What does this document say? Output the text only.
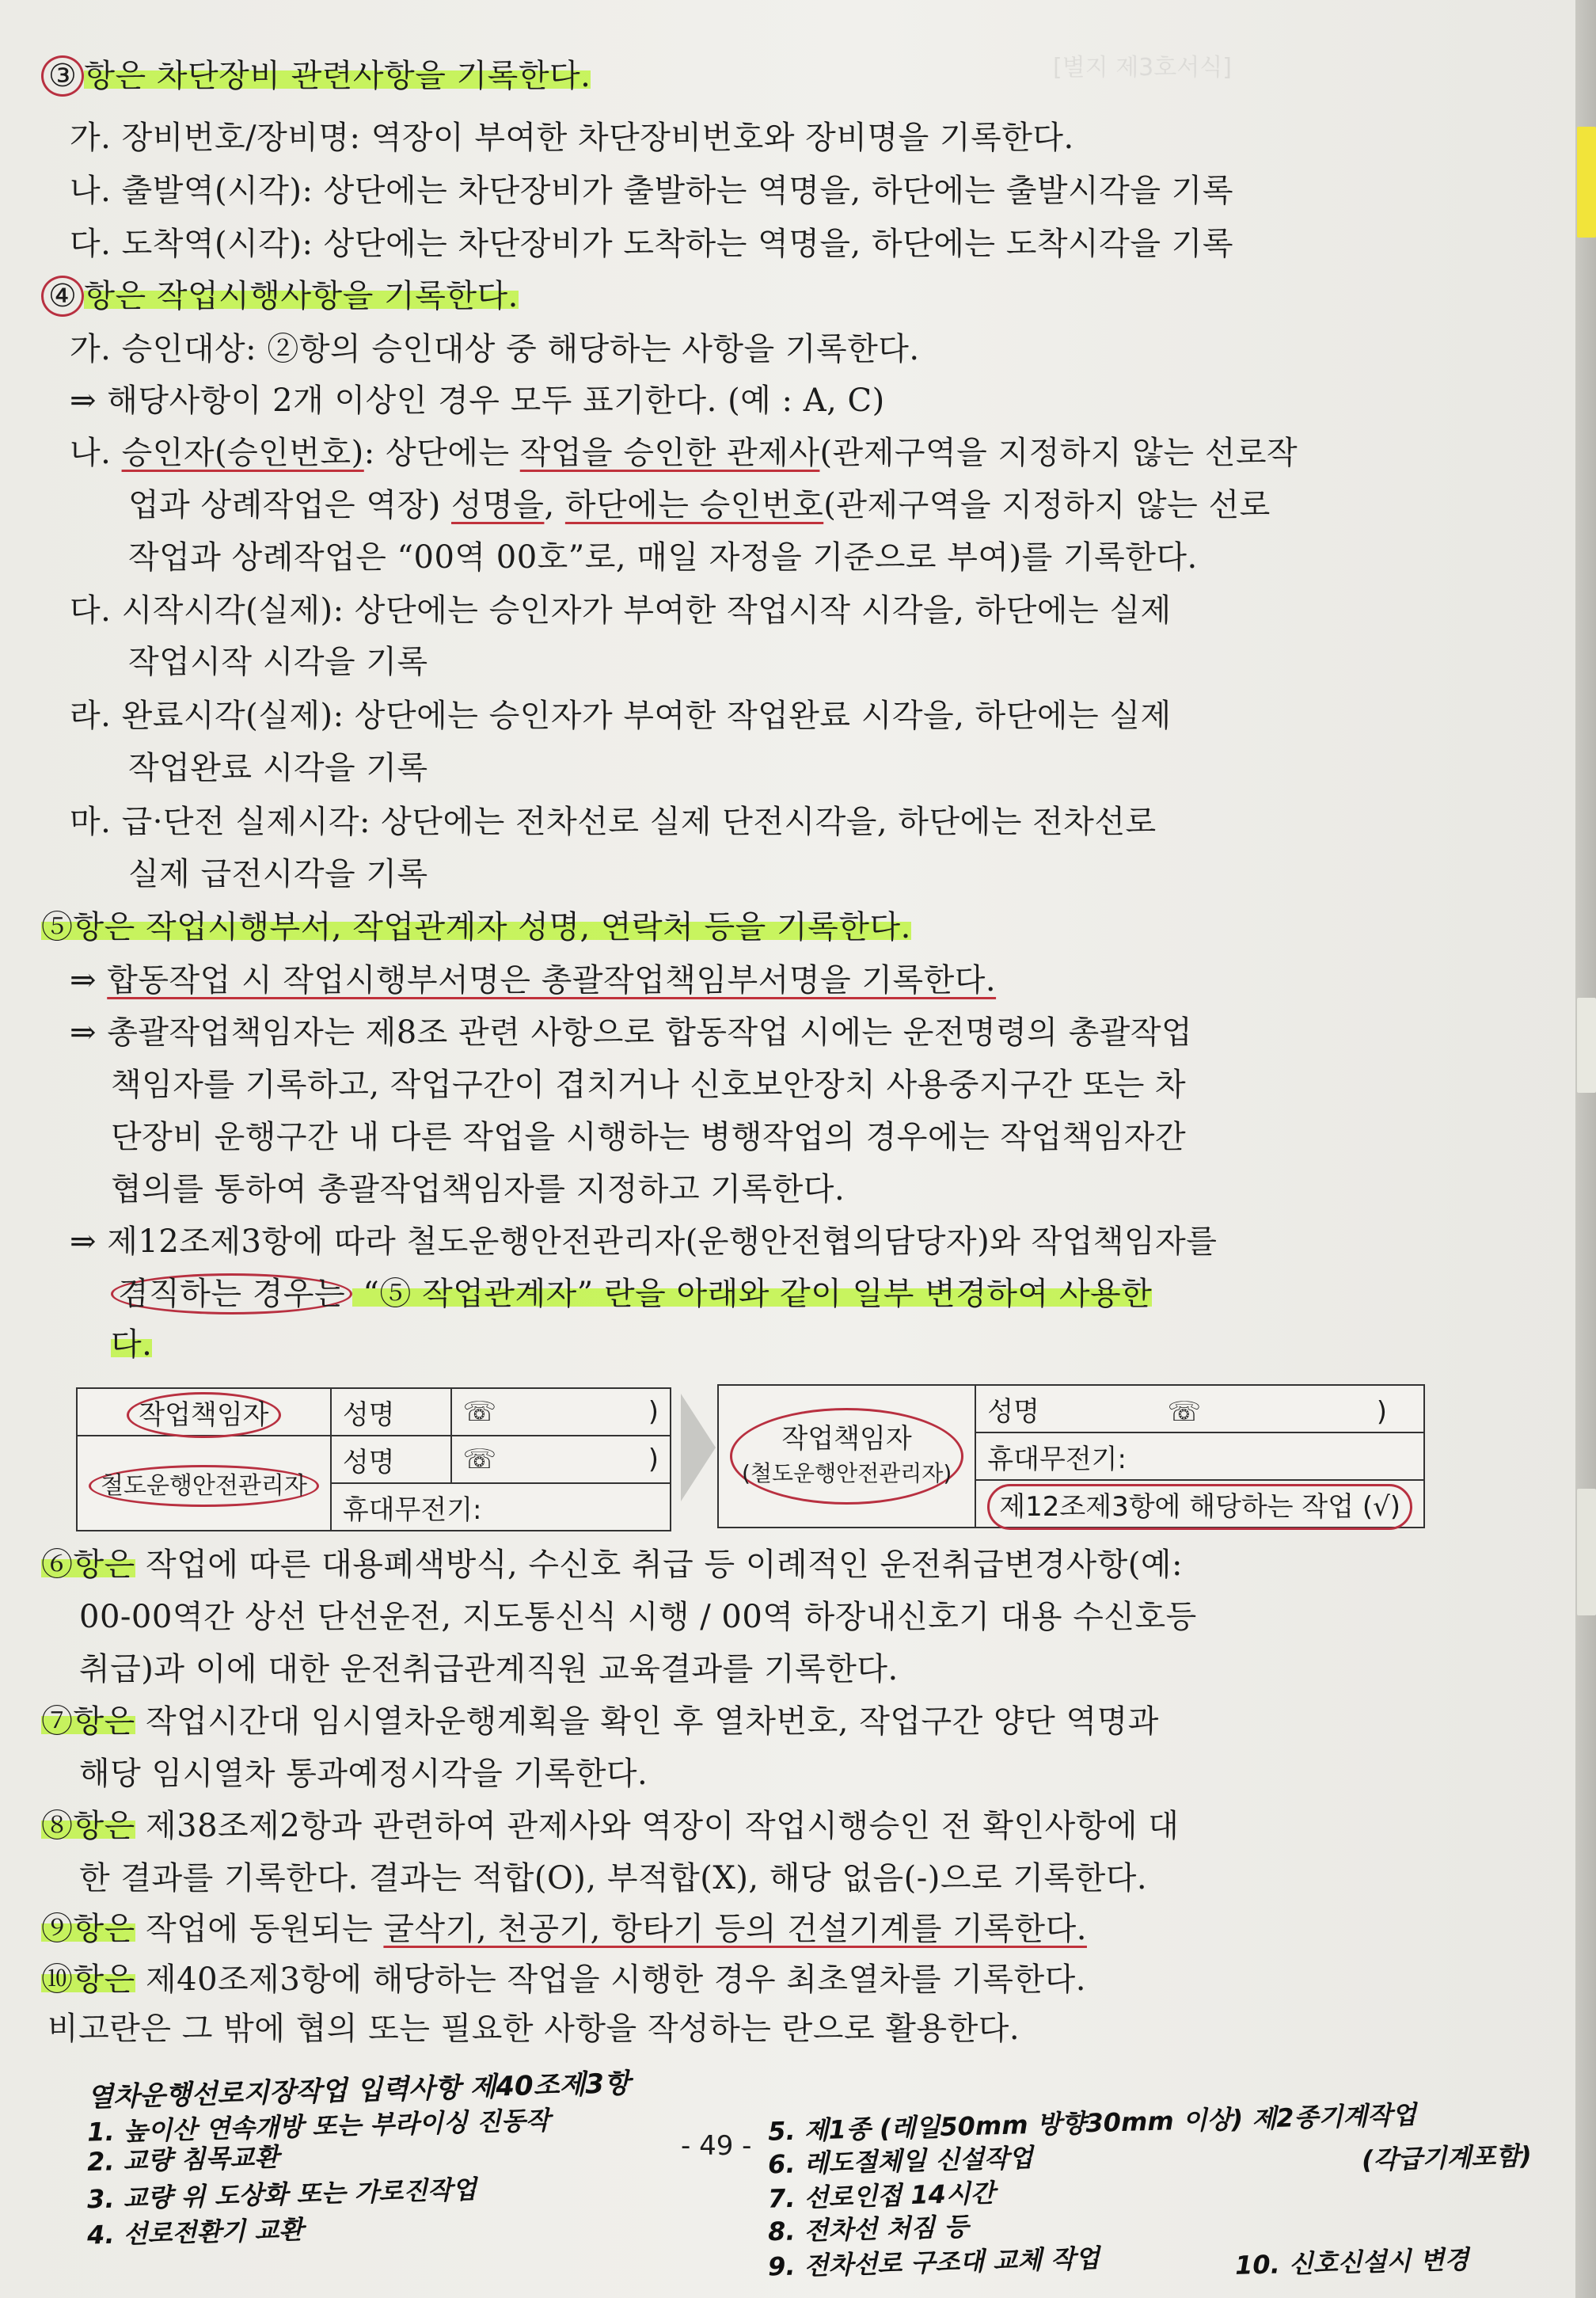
[별지 제3호서식]
③ 항은 차단장비 관련사항을 기록한다.
가. 장비번호/장비명: 역장이 부여한 차단장비번호와 장비명을 기록한다.
나. 출발역(시각): 상단에는 차단장비가 출발하는 역명을, 하단에는 출발시각을 기록
다. 도착역(시각): 상단에는 차단장비가 도착하는 역명을, 하단에는 도착시각을 기록
④ 항은 작업시행사항을 기록한다.
가. 승인대상: ②항의 승인대상 중 해당하는 사항을 기록한다.
⇒ 해당사항이 2개 이상인 경우 모두 표기한다. (예 : A, C)
나. 승인자(승인번호): 상단에는 작업을 승인한 관제사(관제구역을 지정하지 않는 선로작
업과 상례작업은 역장) 성명을, 하단에는 승인번호(관제구역을 지정하지 않는 선로
작업과 상례작업은 “00역 00호”로, 매일 자정을 기준으로 부여)를 기록한다.
다. 시작시각(실제): 상단에는 승인자가 부여한 작업시작 시각을, 하단에는 실제
작업시작 시각을 기록
라. 완료시각(실제): 상단에는 승인자가 부여한 작업완료 시각을, 하단에는 실제
작업완료 시각을 기록
마. 급·단전 실제시각: 상단에는 전차선로 실제 단전시각을, 하단에는 전차선로
실제 급전시각을 기록
⑤항은 작업시행부서, 작업관계자 성명, 연락처 등을 기록한다.
⇒ 합동작업 시 작업시행부서명은 총괄작업책임부서명을 기록한다.
⇒ 총괄작업책임자는 제8조 관련 사항으로 합동작업 시에는 운전명령의 총괄작업
책임자를 기록하고, 작업구간이 겹치거나 신호보안장치 사용중지구간 또는 차
단장비 운행구간 내 다른 작업을 시행하는 병행작업의 경우에는 작업책임자간
협의를 통하여 총괄작업책임자를 지정하고 기록한다.
⇒ 제12조제3항에 따라 철도운행안전관리자(운행안전협의담당자)와 작업책임자를
겸직하는 경우는 “⑤ 작업관계자” 란을 아래와 같이 일부 변경하여 사용한
다.
⑥항은 작업에 따른 대용폐색방식, 수신호 취급 등 이례적인 운전취급변경사항(예:
00-00역간 상선 단선운전, 지도통신식 시행 / 00역 하장내신호기 대용 수신호등
취급)과 이에 대한 운전취급관계직원 교육결과를 기록한다.
⑦항은 작업시간대 임시열차운행계획을 확인 후 열차번호, 작업구간 양단 역명과
해당 임시열차 통과예정시각을 기록한다.
⑧항은 제38조제2항과 관련하여 관제사와 역장이 작업시행승인 전 확인사항에 대
한 결과를 기록한다. 결과는 적합(O), 부적합(X), 해당 없음(-)으로 기록한다.
⑨항은 작업에 동원되는 굴삭기, 천공기, 항타기 등의 건설기계를 기록한다.
⑩항은 제40조제3항에 해당하는 작업을 시행한 경우 최초열차를 기록한다.
비고란은 그 밖에 협의 또는 필요한 사항을 작성하는 란으로 활용한다.
작업책임자	성명	☏ )
철도운행안전관리자	성명	☏ )
	휴대무전기:	
작업책임자
(철도운행안전관리자)
	성명	☏	)
휴대무전기:
제12조제3항에 해당하는 작업 (√)
- 49 -
열차운행선로지장작업 입력사항 제40조제3항
1. 높이산 연속개방 또는 부라이싱 진동작
2. 교량 침목교환
3. 교량 위 도상화 또는 가로진작업
4. 선로전환기 교환
5. 제1종 (레일50mm 방향30mm 이상) 제2종기계작업
(각급기계포함)
6. 레도절체일 신설작업
7. 선로인접 14시간
8. 전차선 처짐 등
9. 전차선로 구조대 교체 작업	10. 신호신설시 변경
